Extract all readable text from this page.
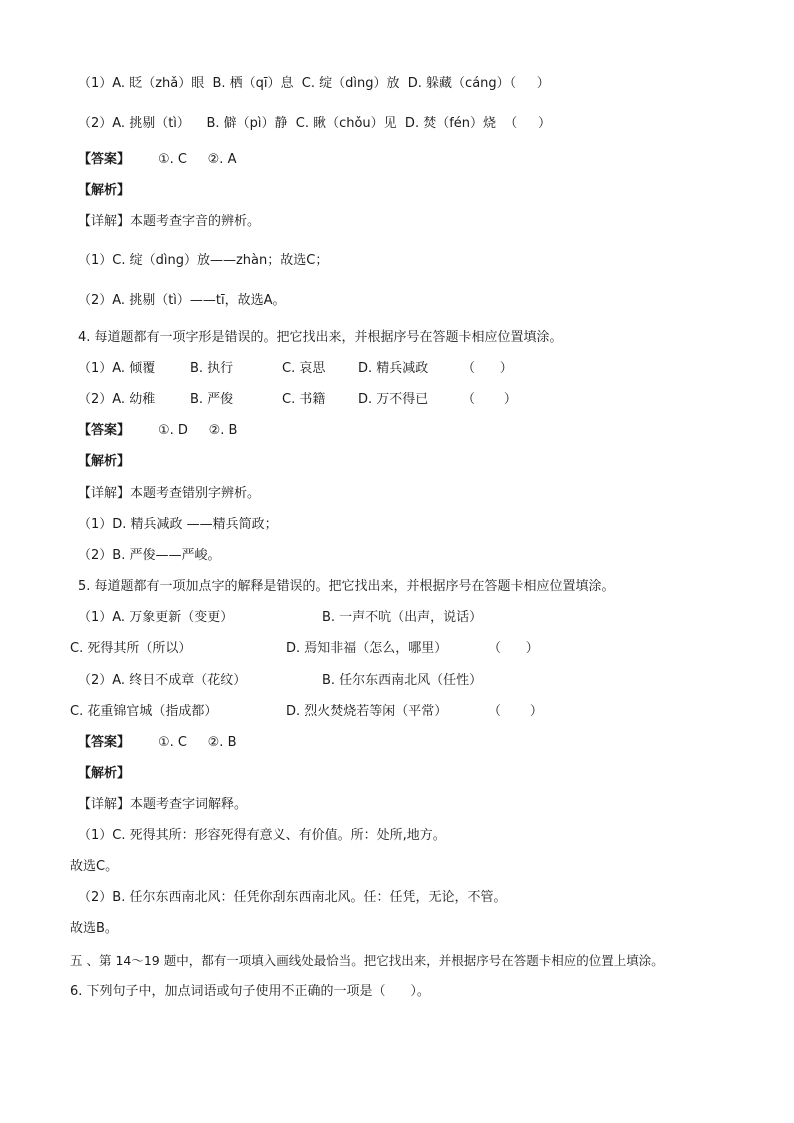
（1）A. 眨（zhǎ）眼  B. 栖（qī）息  C. 绽（dìng）放  D. 躲藏（cáng）（     ）
（2）A. 挑剔（tì）    B. 僻（pì）静  C. 瞅（chǒu）见  D. 焚（fén）烧  （     ）
【答案】 ①. C     ②. A
【解析】
【详解】本题考查字音的辨析。
（1）C. 绽（dìng）放——zhàn；故选C；
（2）A. 挑剔（tì）——tī，故选A。
4. 每道题都有一项字形是错误的。把它找出来，并根据序号在答题卡相应位置填涂。
（1）A. 倾覆	B. 执行	C. 哀思	D. 精兵减政	（      ）
（2）A. 幼稚	B. 严俊	C. 书籍	D. 万不得已	（       ）
【答案】 ①. D     ②. B
【解析】
【详解】本题考查错别字辨析。
（1）D. 精兵减政 ——精兵简政；
（2）B. 严俊——严峻。
5. 每道题都有一项加点字的解释是错误的。把它找出来，并根据序号在答题卡相应位置填涂。
（1）A. 万象更新（变更）	B. 一声不吭（出声，说话）
C. 死得其所（所以）	D. 焉知非福（怎么，哪里）	（      ）
（2）A. 终日不成章（花纹）	B. 任尔东西南北风（任性）
C. 花重锦官城（指成都）	D. 烈火焚烧若等闲（平常）	（       ）
【答案】 ①. C     ②. B
【解析】
【详解】本题考查字词解释。
（1）C. 死得其所：形容死得有意义、有价值。所：处所,地方。
故选C。
（2）B. 任尔东西南北风：任凭你刮东西南北风。任：任凭，无论，不管。
故选B。
五 、第 14～19 题中，都有一项填入画线处最恰当。把它找出来，并根据序号在答题卡相应的位置上填涂。
6. 下列句子中，加点词语或句子使用不正确的一项是（      ）。
